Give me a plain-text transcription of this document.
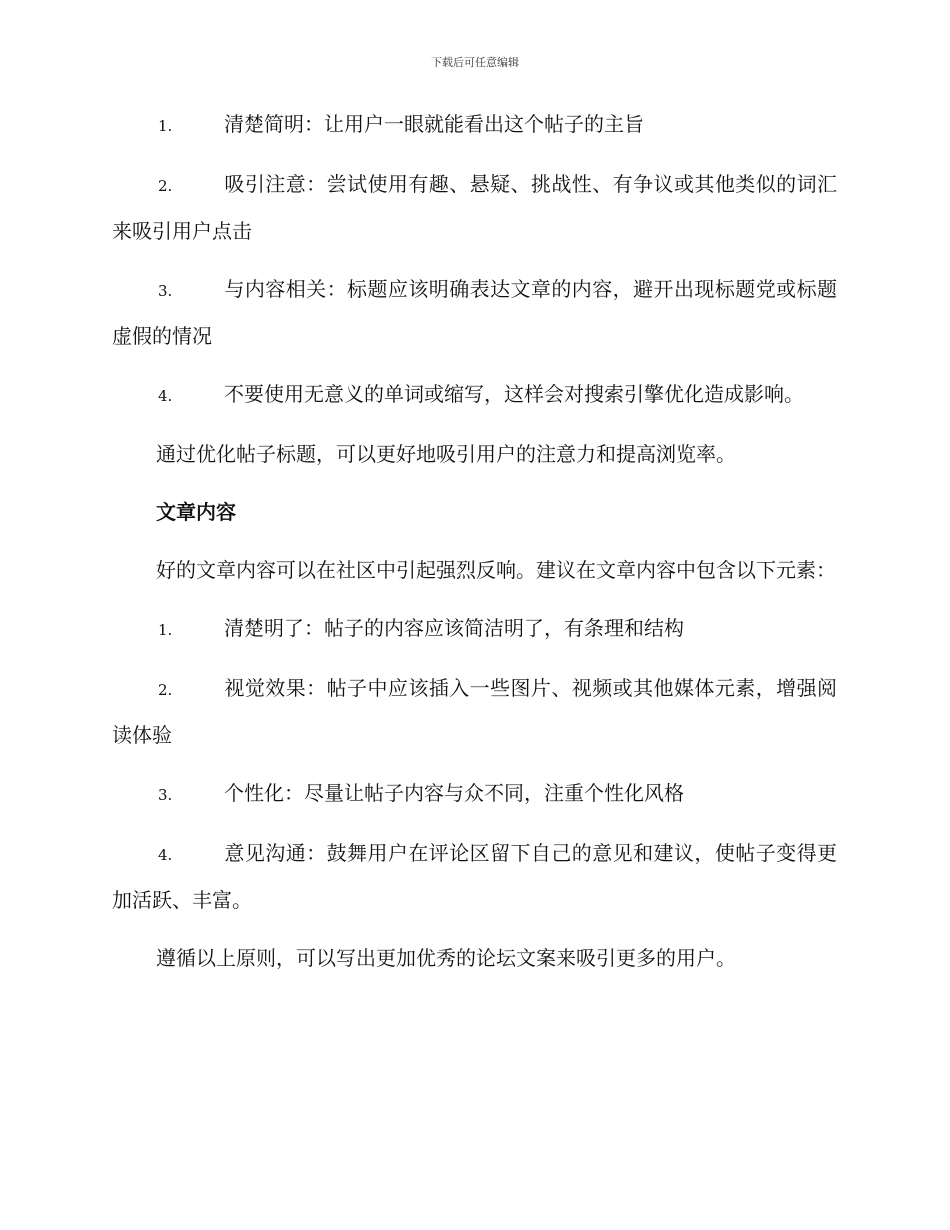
下载后可任意编辑
1.	清楚简明：让用户一眼就能看出这个帖子的主旨
2.	吸引注意：尝试使用有趣、悬疑、挑战性、有争议或其他类似的词汇来吸引用户点击
3.	与内容相关：标题应该明确表达文章的内容，避开出现标题党或标题虚假的情况
4.	不要使用无意义的单词或缩写，这样会对搜索引擎优化造成影响。

通过优化帖子标题，可以更好地吸引用户的注意力和提高浏览率。

文章内容

好的文章内容可以在社区中引起强烈反响。建议在文章内容中包含以下元素：

1.	清楚明了：帖子的内容应该简洁明了，有条理和结构
2.	视觉效果：帖子中应该插入一些图片、视频或其他媒体元素，增强阅读体验
3.	个性化：尽量让帖子内容与众不同，注重个性化风格
4.	意见沟通：鼓舞用户在评论区留下自己的意见和建议，使帖子变得更加活跃、丰富。

遵循以上原则，可以写出更加优秀的论坛文案来吸引更多的用户。
